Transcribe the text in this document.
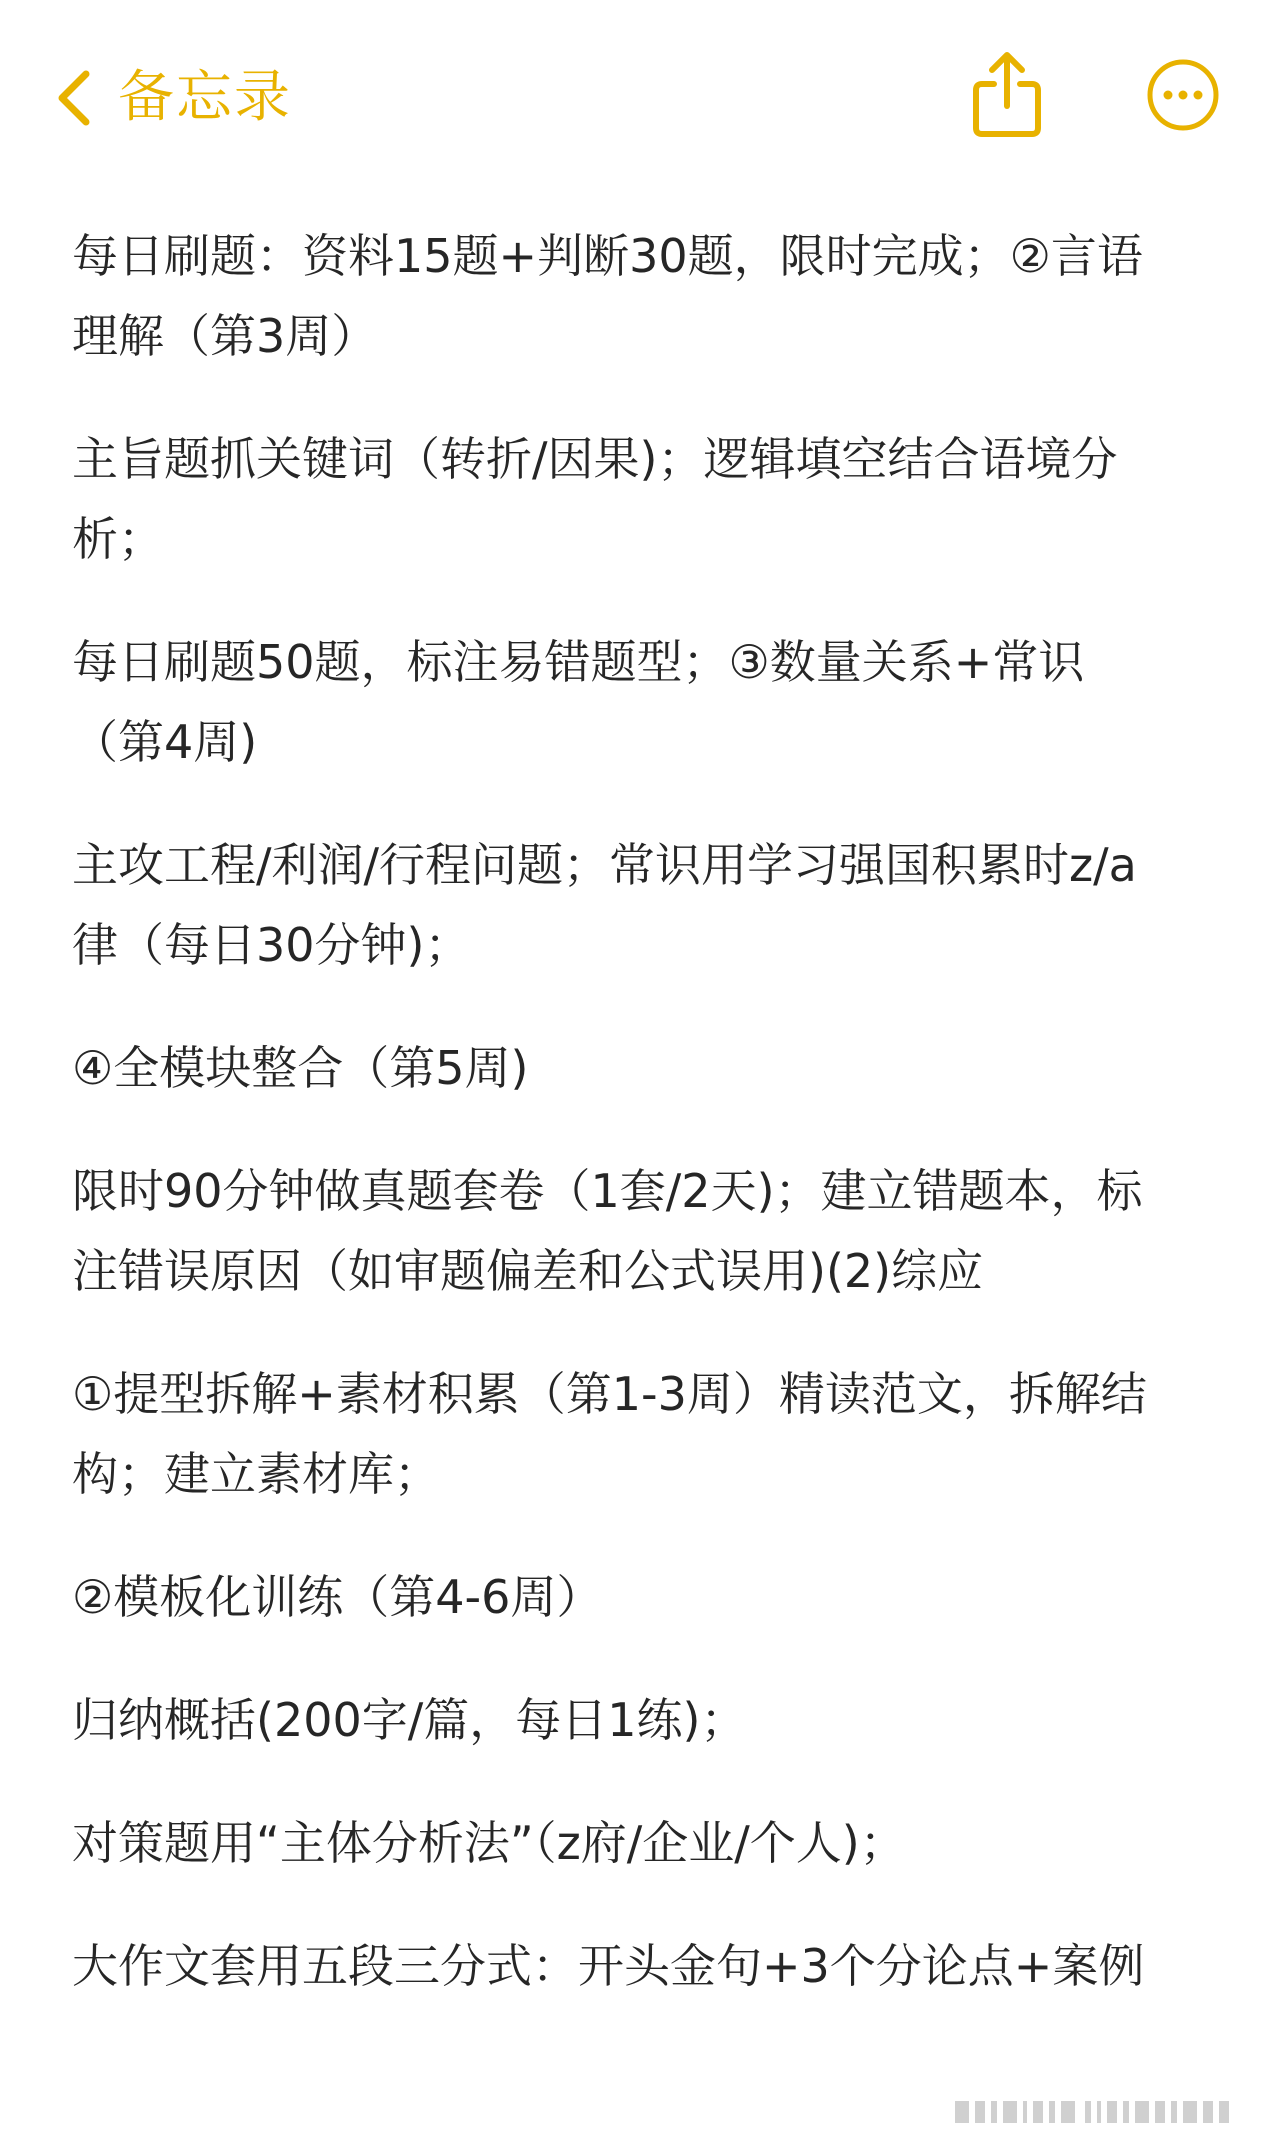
备忘录
每日刷题：资料15题+判断30题，限时完成；②言语
理解（第3周）
主旨题抓关键词（转折/因果)；逻辑填空结合语境分
析；
每日刷题50题，标注易错题型；③数量关系+常识
（第4周)
主攻工程/利润/行程问题；常识用学习强国积累时z/a
律（每日30分钟)；
④全模块整合（第5周)
限时90分钟做真题套卷（1套/2天)；建立错题本，标
注错误原因（如审题偏差和公式误用)(2)综应
①提型拆解+素材积累（第1-3周）精读范文，拆解结
构；建立素材库；
②模板化训练（第4-6周）
归纳概括(200字/篇，每日1练)；
对策题用“主体分析法”（z府/企业/个人)；
大作文套用五段三分式：开头金句+3个分论点+案例
